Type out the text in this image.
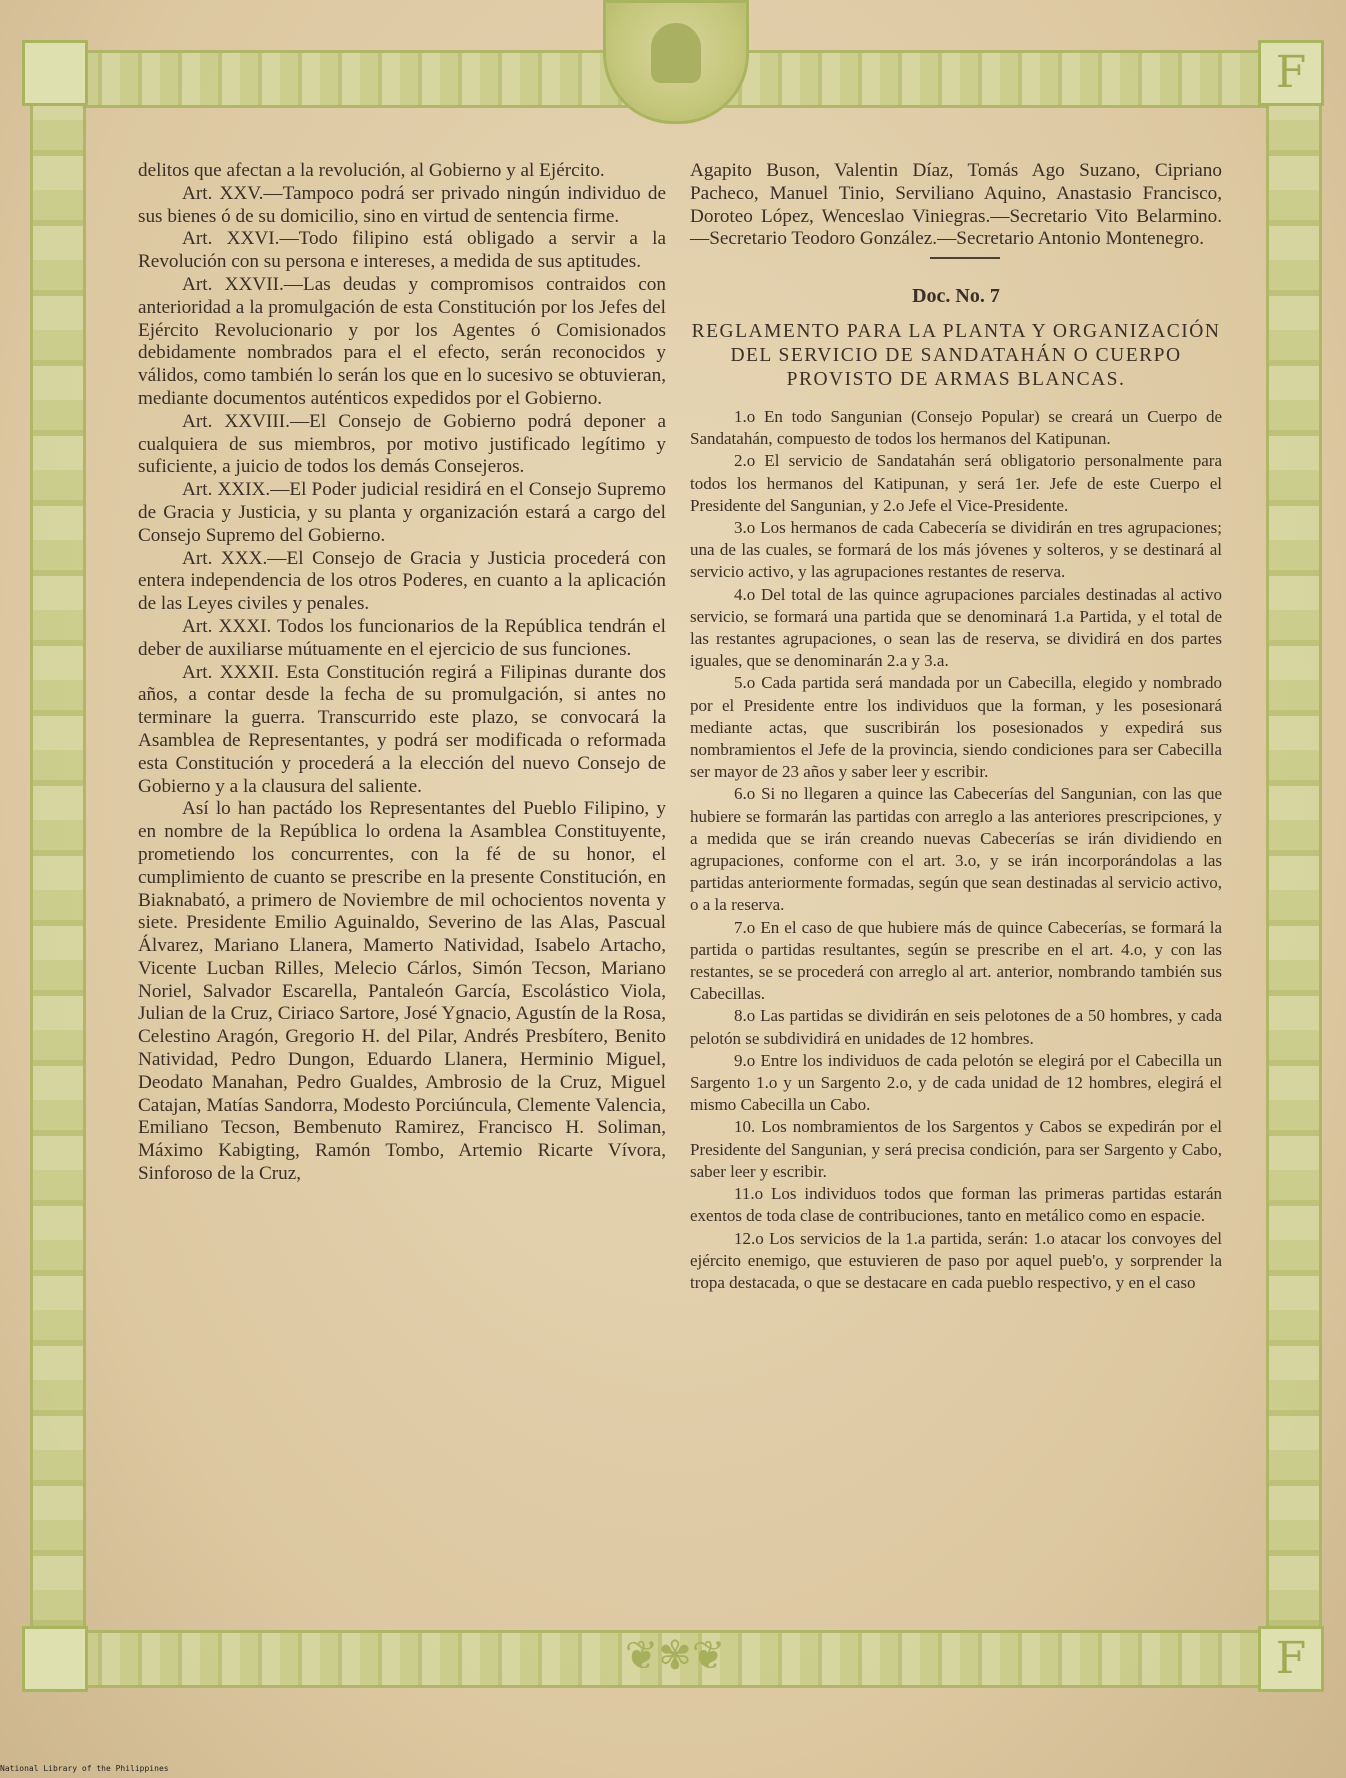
F
F
❦✾❦

delitos que afectan a la revolución, al Gobierno y al Ejército.

Art. XXV.—Tampoco podrá ser privado ningún individuo de sus bienes ó de su domicilio, sino en virtud de sentencia firme.

Art. XXVI.—Todo filipino está obligado a servir a la Revolución con su persona e intereses, a medida de sus aptitudes.

Art. XXVII.—Las deudas y compromisos contraidos con anterioridad a la promulgación de esta Constitución por los Jefes del Ejército Revolucionario y por los Agentes ó Comisionados debidamente nombrados para el el efecto, serán reconocidos y válidos, como también lo serán los que en lo sucesivo se obtuvieran, mediante documentos auténticos expedidos por el Gobierno.

Art. XXVIII.—El Consejo de Gobierno podrá deponer a cualquiera de sus miembros, por motivo justificado legítimo y suficiente, a juicio de todos los demás Consejeros.

Art. XXIX.—El Poder judicial residirá en el Consejo Supremo de Gracia y Justicia, y su planta y organización estará a cargo del Consejo Supremo del Gobierno.

Art. XXX.—El Consejo de Gracia y Justicia procederá con entera independencia de los otros Poderes, en cuanto a la aplicación de las Leyes civiles y penales.

Art. XXXI. Todos los funcionarios de la República tendrán el deber de auxiliarse mútuamente en el ejercicio de sus funciones.

Art. XXXII. Esta Constitución regirá a Filipinas durante dos años, a contar desde la fecha de su promulgación, si antes no terminare la guerra. Transcurrido este plazo, se convocará la Asamblea de Representantes, y podrá ser modificada o reformada esta Constitución y procederá a la elección del nuevo Consejo de Gobierno y a la clausura del saliente.

Así lo han pactádo los Representantes del Pueblo Filipino, y en nombre de la República lo ordena la Asamblea Constituyente, prometiendo los concurrentes, con la fé de su honor, el cumplimiento de cuanto se prescribe en la presente Constitución, en Biaknabató, a primero de Noviembre de mil ochocientos noventa y siete. Presidente Emilio Aguinaldo, Severino de las Alas, Pascual Álvarez, Mariano Llanera, Mamerto Natividad, Isabelo Artacho, Vicente Lucban Rilles, Melecio Cárlos, Simón Tecson, Mariano Noriel, Salvador Escarella, Pantaleón García, Escolástico Viola, Julian de la Cruz, Ciriaco Sartore, José Ygnacio, Agustín de la Rosa, Celestino Aragón, Gregorio H. del Pilar, Andrés Presbítero, Benito Natividad, Pedro Dungon, Eduardo Llanera, Herminio Miguel, Deodato Manahan, Pedro Gualdes, Ambrosio de la Cruz, Miguel Catajan, Matías Sandorra, Modesto Porciúncula, Clemente Valencia, Emiliano Tecson, Bembenuto Ramirez, Francisco H. Soliman, Máximo Kabigting, Ramón Tombo, Artemio Ricarte Vívora, Sinforoso de la Cruz,

Agapito Buson, Valentin Díaz, Tomás Ago Suzano, Cipriano Pacheco, Manuel Tinio, Serviliano Aquino, Anastasio Francisco, Doroteo López, Wenceslao Viniegras.—Secretario Vito Belarmino.—Secretario Teodoro González.—Secretario Antonio Montenegro.

Doc. No. 7
REGLAMENTO PARA LA PLANTA Y ORGANIZACIÓN DEL SERVICIO DE SANDATAHÁN O CUERPO PROVISTO DE ARMAS BLANCAS.

1.o En todo Sangunian (Consejo Popular) se creará un Cuerpo de Sandatahán, compuesto de todos los hermanos del Katipunan.

2.o El servicio de Sandatahán será obligatorio personalmente para todos los hermanos del Katipunan, y será 1er. Jefe de este Cuerpo el Presidente del Sangunian, y 2.o Jefe el Vice-Presidente.

3.o Los hermanos de cada Cabecería se dividirán en tres agrupaciones; una de las cuales, se formará de los más jóvenes y solteros, y se destinará al servicio activo, y las agrupaciones restantes de reserva.

4.o Del total de las quince agrupaciones parciales destinadas al activo servicio, se formará una partida que se denominará 1.a Partida, y el total de las restantes agrupaciones, o sean las de reserva, se dividirá en dos partes iguales, que se denominarán 2.a y 3.a.

5.o Cada partida será mandada por un Cabecilla, elegido y nombrado por el Presidente entre los individuos que la forman, y les posesionará mediante actas, que suscribirán los posesionados y expedirá sus nombramientos el Jefe de la provincia, siendo condiciones para ser Cabecilla ser mayor de 23 años y saber leer y escribir.

6.o Si no llegaren a quince las Cabecerías del Sangunian, con las que hubiere se formarán las partidas con arreglo a las anteriores prescripciones, y a medida que se irán creando nuevas Cabecerías se irán dividiendo en agrupaciones, conforme con el art. 3.o, y se irán incorporándolas a las partidas anteriormente formadas, según que sean destinadas al servicio activo, o a la reserva.

7.o En el caso de que hubiere más de quince Cabecerías, se formará la partida o partidas resultantes, según se prescribe en el art. 4.o, y con las restantes, se se procederá con arreglo al art. anterior, nombrando también sus Cabecillas.

8.o Las partidas se dividirán en seis pelotones de a 50 hombres, y cada pelotón se subdividirá en unidades de 12 hombres.

9.o Entre los individuos de cada pelotón se elegirá por el Cabecilla un Sargento 1.o y un Sargento 2.o, y de cada unidad de 12 hombres, elegirá el mismo Cabecilla un Cabo.

10. Los nombramientos de los Sargentos y Cabos se expedirán por el Presidente del Sangunian, y será precisa condición, para ser Sargento y Cabo, saber leer y escribir.

11.o Los individuos todos que forman las primeras partidas estarán exentos de toda clase de contribuciones, tanto en metálico como en espacie.

12.o Los servicios de la 1.a partida, serán: 1.o atacar los convoyes del ejército enemigo, que estuvieren de paso por aquel pueb'o, y sorprender la tropa destacada, o que se destacare en cada pueblo respectivo, y en el caso

National Library of the Philippines
